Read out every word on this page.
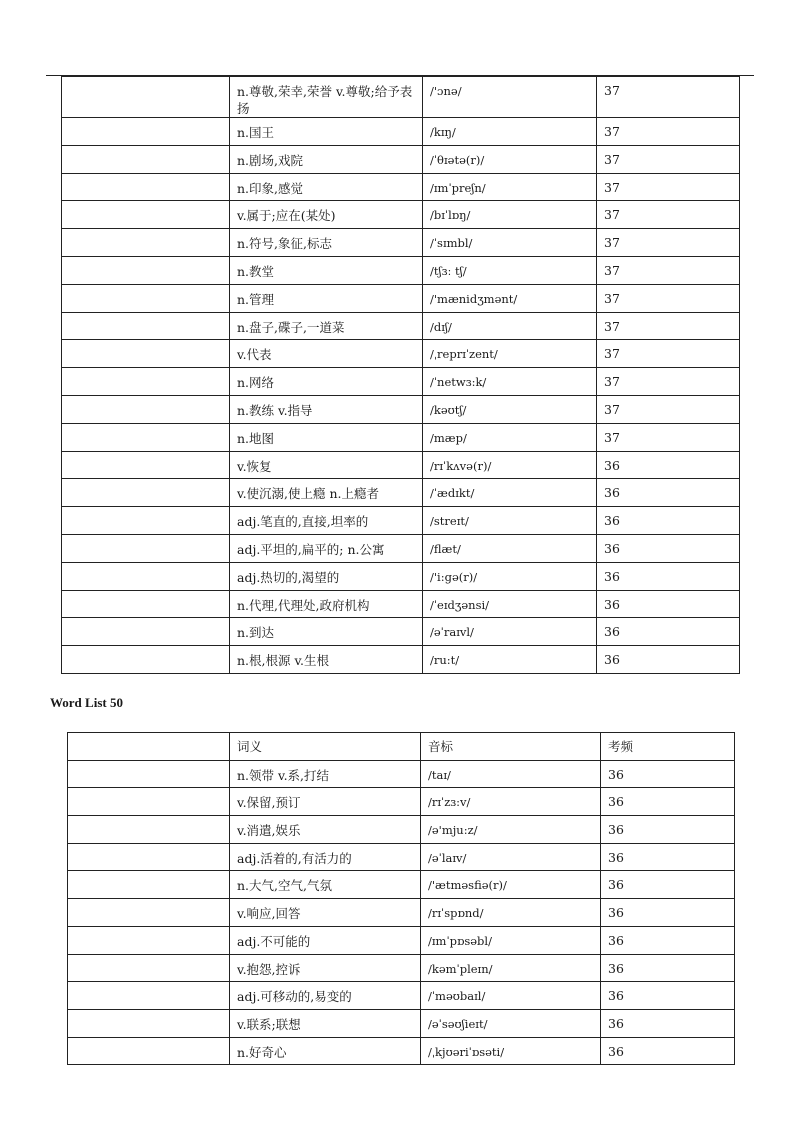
	n.尊敬,荣幸,荣誉 v.尊敬;给予表扬	/'ɔnə/	37
	n.国王	/kɪŋ/	37
	n.剧场,戏院	/ˈθɪətə(r)/	37
	n.印象,感觉	/ɪmˈpreʃn/	37
	v.属于;应在(某处)	/bɪˈlɒŋ/	37
	n.符号,象征,标志	/ˈsɪmbl/	37
	n.教堂	/tʃɜː tʃ/	37
	n.管理	/'mænidʒmənt/	37
	n.盘子,碟子,一道菜	/dɪʃ/	37
	v.代表	/ˌreprɪˈzent/	37
	n.网络	/ˈnetwɜ:k/	37
	n.教练 v.指导	/kəʊtʃ/	37
	n.地图	/mæp/	37
	v.恢复	/rɪˈkʌvə(r)/	36
	v.使沉溺,使上瘾 n.上瘾者	/ˈædɪkt/	36
	adj.笔直的,直接,坦率的	/streɪt/	36
	adj.平坦的,扁平的; n.公寓	/flæt/	36
	adj.热切的,渴望的	/'i:gə(r)/	36
	n.代理,代理处,政府机构	/ˈeɪdʒənsi/	36
	n.到达	/əˈraɪvl/	36
	n.根,根源 v.生根	/ru:t/	36
Word List 50
	词义	音标	考频
	n.领带 v.系,打结	/taɪ/	36
	v.保留,预订	/rɪˈzɜ:v/	36
	v.消遣,娱乐	/ə'mju:z/	36
	adj.活着的,有活力的	/əˈlaɪv/	36
	n.大气,空气,气氛	/'ætməsfiə(r)/	36
	v.响应,回答	/rɪˈspɒnd/	36
	adj.不可能的	/ɪmˈpɒsəbl/	36
	v.抱怨,控诉	/kəmˈpleɪn/	36
	adj.可移动的,易变的	/ˈməʊbaɪl/	36
	v.联系;联想	/əˈsəʊʃieɪt/	36
	n.好奇心	/ˌkjʊəriˈɒsəti/	36
